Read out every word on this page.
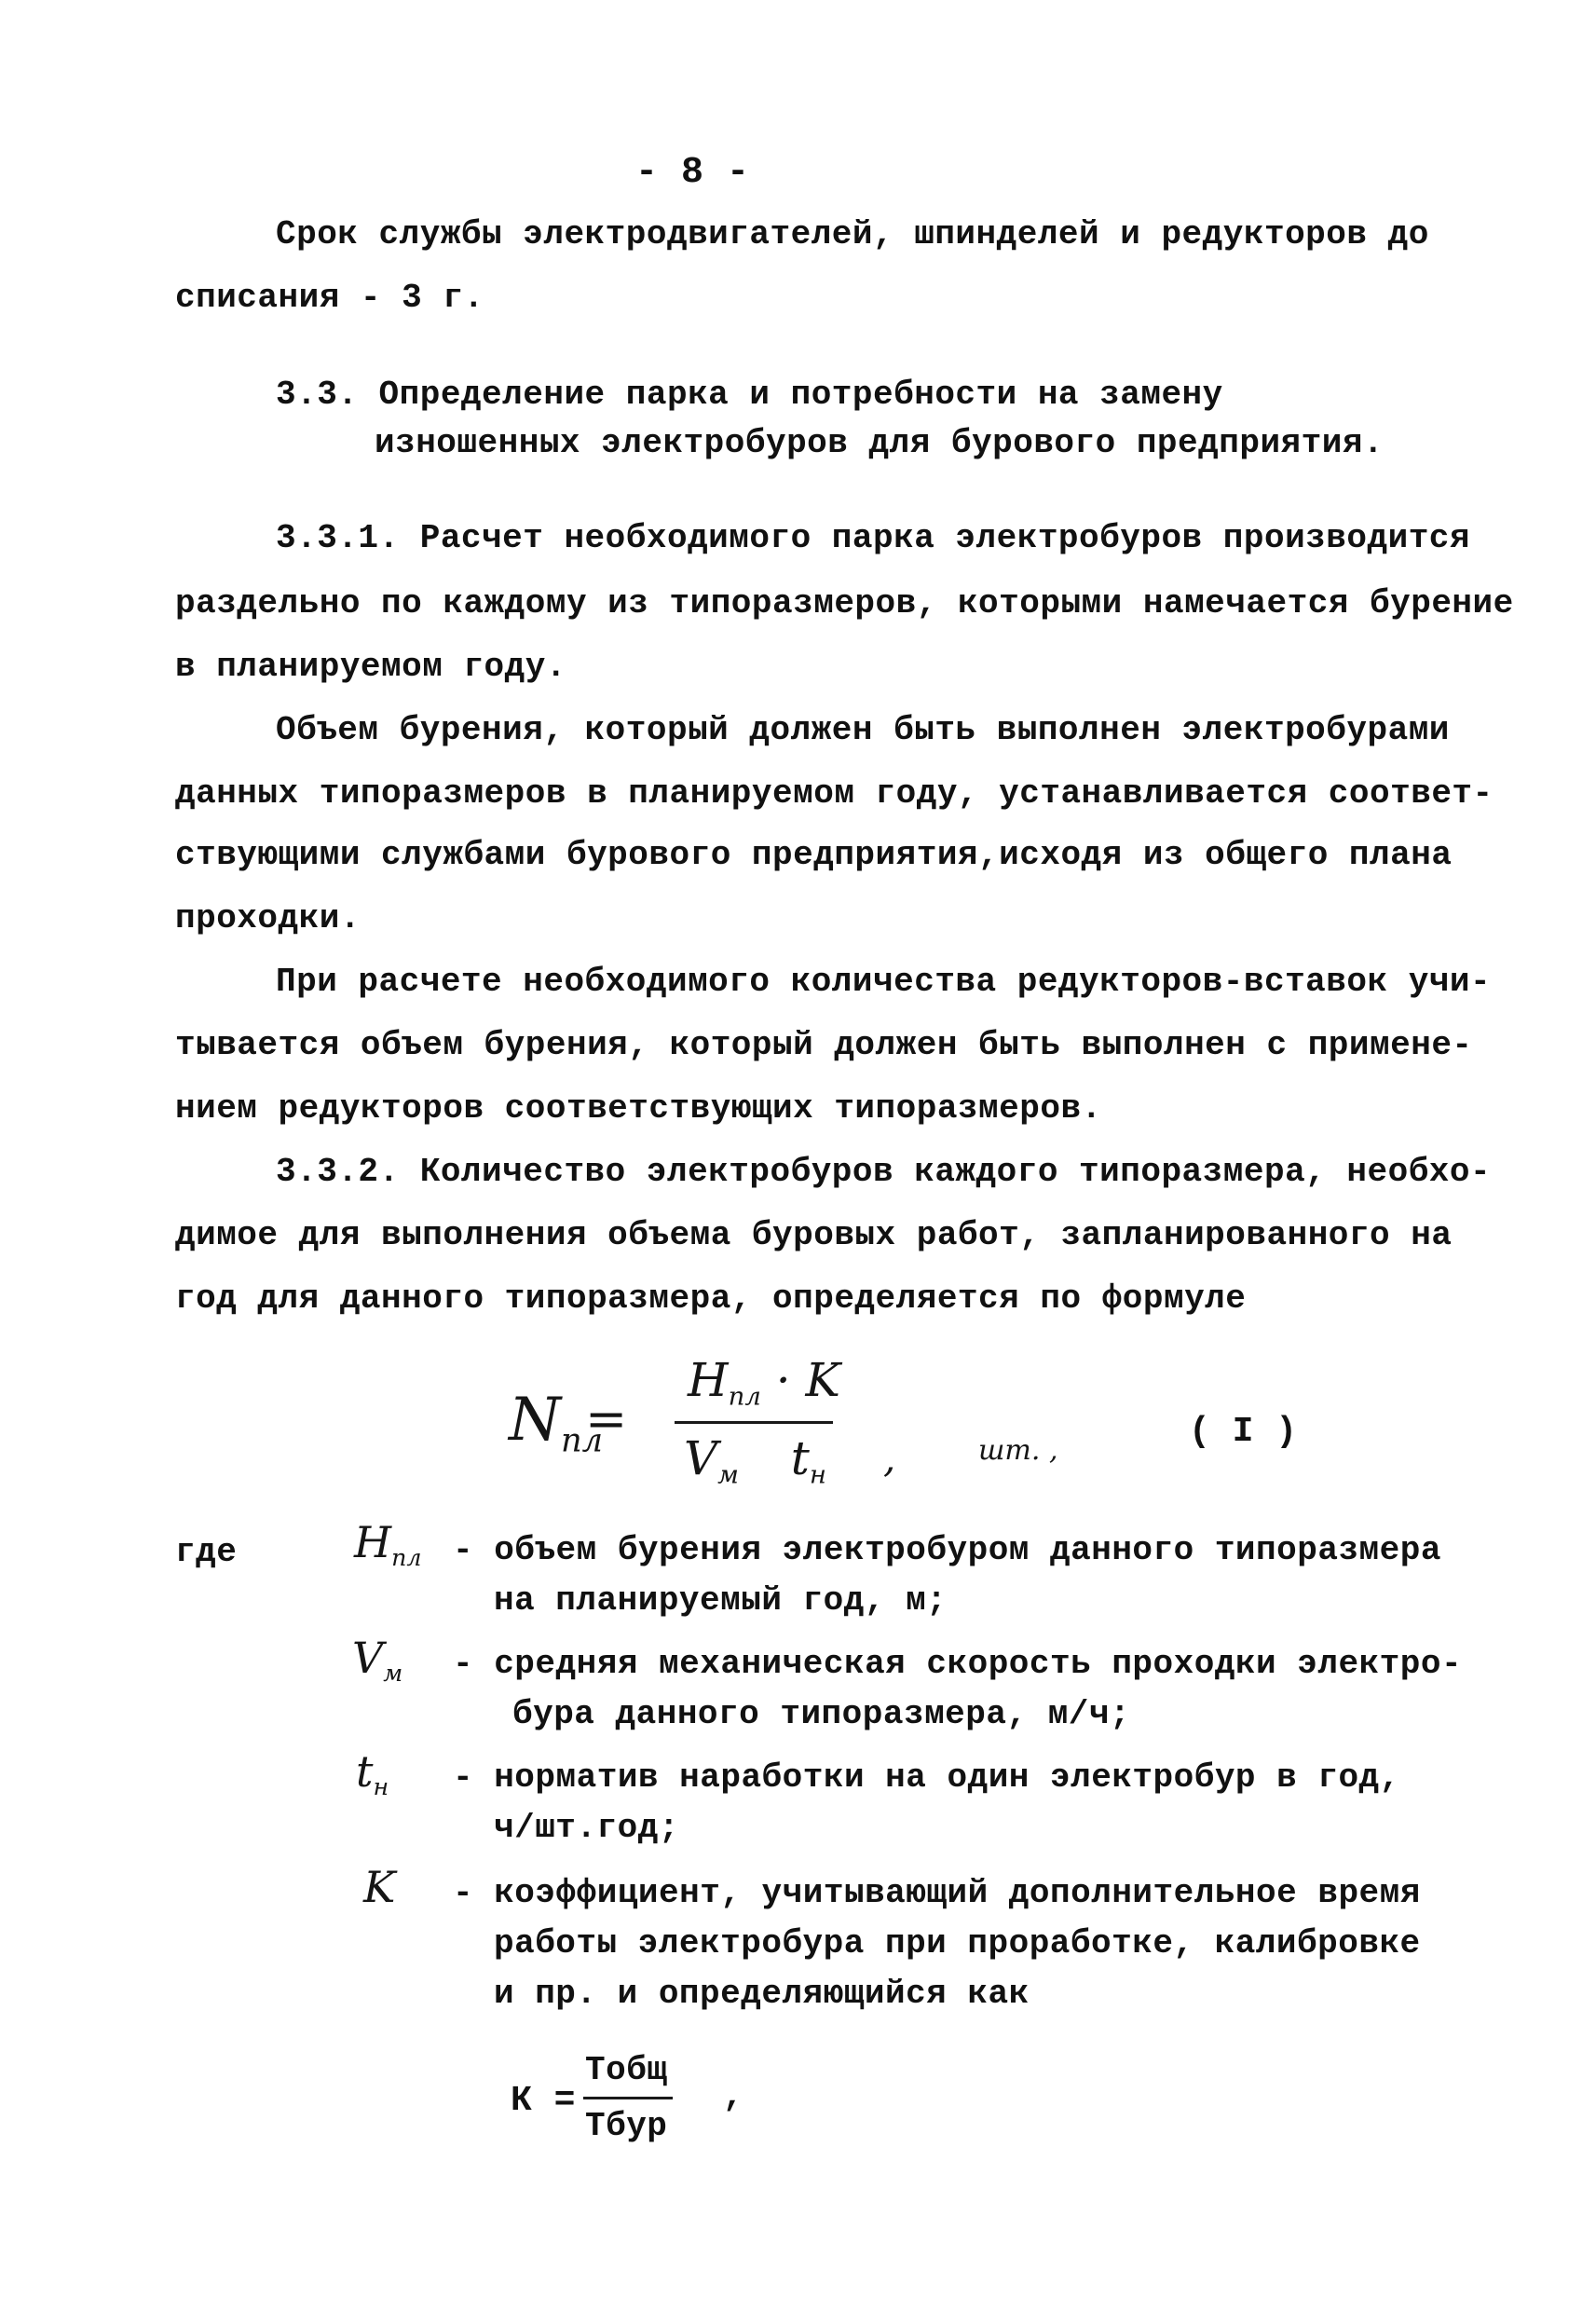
- 8 -
Срок службы электродвигателей, шпинделей и редукторов до
списания - 3 г.
3.3. Определение парка и потребности на замену
изношенных электробуров для бурового предприятия.
3.3.1. Расчет необходимого парка электробуров производится
раздельно по каждому из типоразмеров, которыми намечается бурение
в планируемом году.
Объем бурения, который должен быть выполнен электробурами
данных типоразмеров в планируемом году, устанавливается соответ-
ствующими службами бурового предприятия,исходя из общего плана
проходки.
При расчете необходимого количества редукторов-вставок учи-
тывается объем бурения, который должен быть выполнен с примене-
нием редукторов соответствующих типоразмеров.
3.3.2. Количество электробуров каждого типоразмера, необхо-
димое для выполнения объема буровых работ, запланированного на
год для данного типоразмера, определяется по формуле
$N_{пл}$
=
$H_{пл} \cdot K$
$V_м$ $t_н$ ,	шт. ,	( I )
где	$H_{пл}$ - объем бурения электробуром данного типоразмера
на планируемый год, м;
$V_м$ - средняя механическая скорость проходки электро-
бура данного типоразмера, м/ч;
$t_н$ - норматив наработки на один электробур в год,
ч/шт.год;
K - коэффициент, учитывающий дополнительное время
работы электробура при проработке, калибровке
и пр. и определяющийся как
К =
Тобщ
Тбур
,
